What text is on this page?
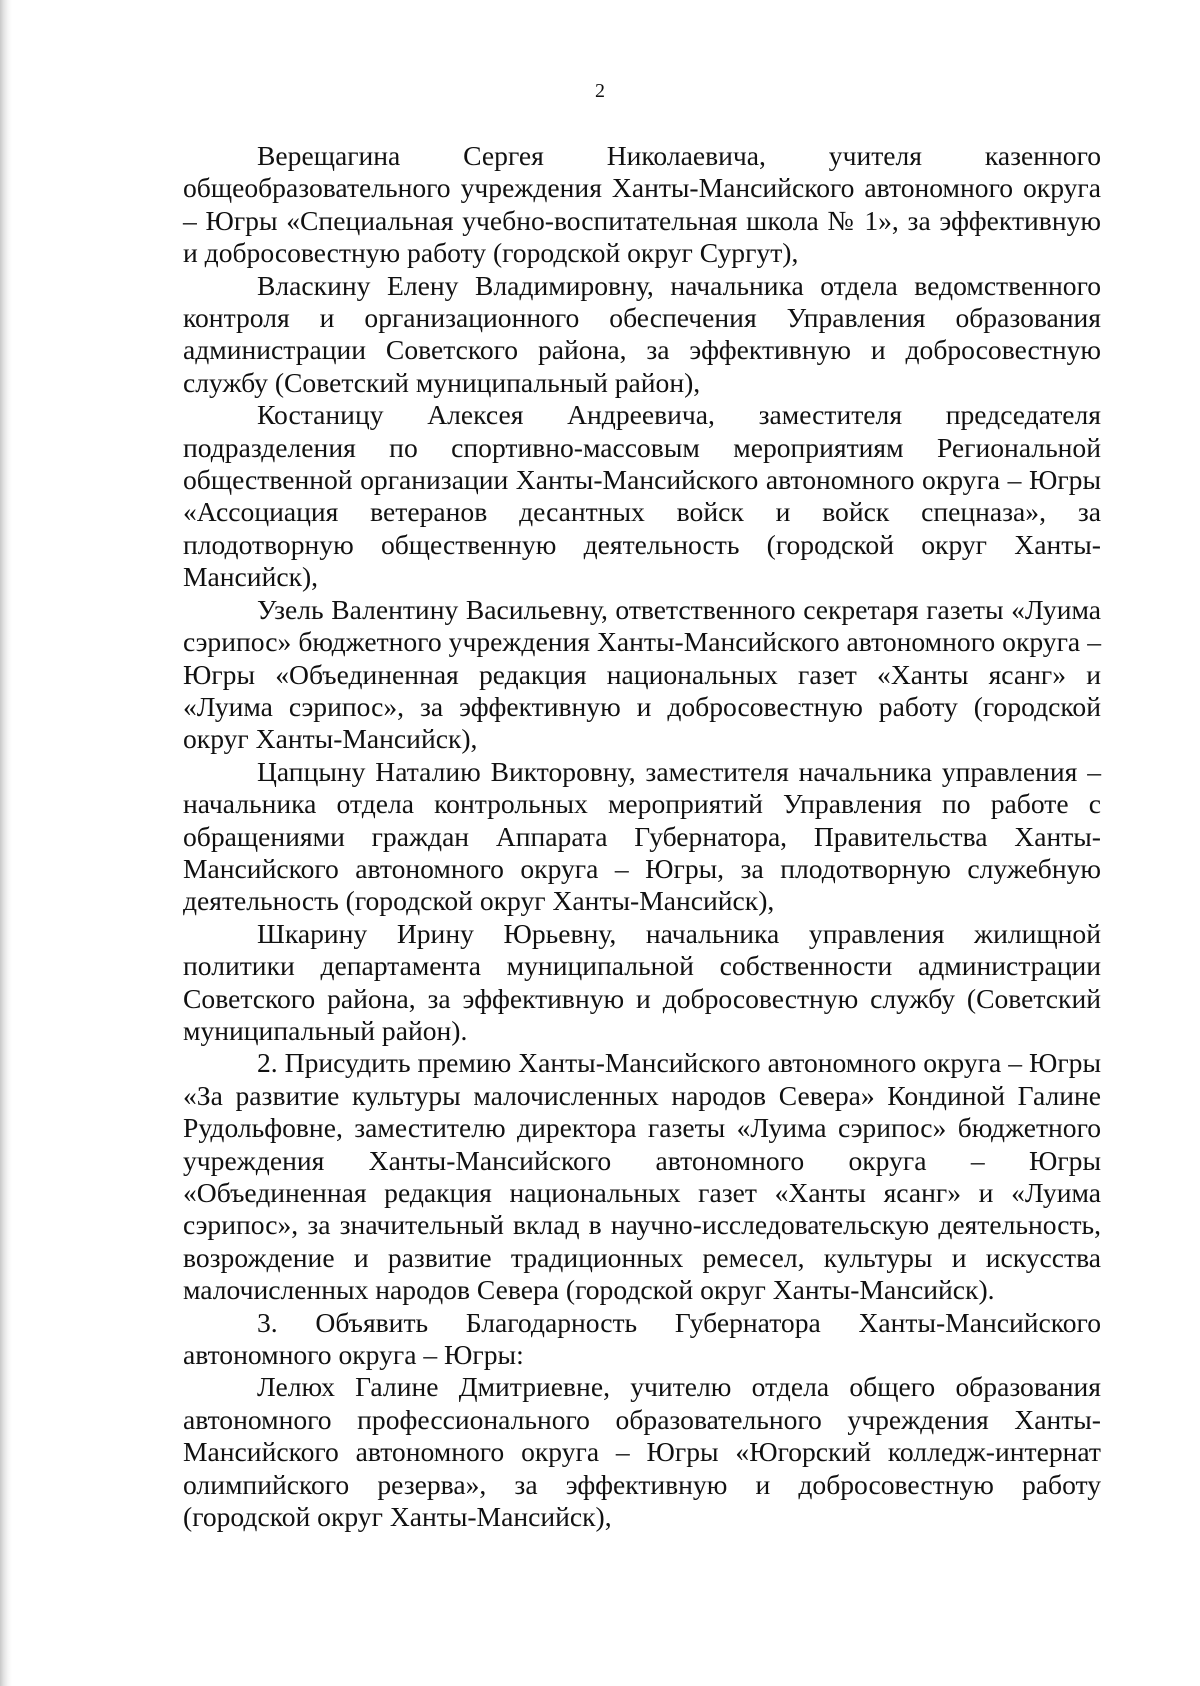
2

Верещагина Сергея Николаевича, учителя казенного общеобразовательного учреждения Ханты-Мансийского автономного округа – Югры «Специальная учебно-воспитательная школа № 1», за эффективную и добросовестную работу (городской округ Сургут),

Власкину Елену Владимировну, начальника отдела ведомственного контроля и организационного обеспечения Управления образования администрации Советского района, за эффективную и добросовестную службу (Советский муниципальный район),

Костаницу Алексея Андреевича, заместителя председателя подразделения по спортивно-массовым мероприятиям Региональной общественной организации Ханты-Мансийского автономного округа – Югры «Ассоциация ветеранов десантных войск и войск спецназа», за плодотворную общественную деятельность (городской округ Ханты-Мансийск),

Узель Валентину Васильевну, ответственного секретаря газеты «Луима сэрипос» бюджетного учреждения Ханты-Мансийского автономного округа – Югры «Объединенная редакция национальных газет «Ханты ясанг» и «Луима сэрипос», за эффективную и добросовестную работу (городской округ Ханты-Мансийск),

Цапцыну Наталию Викторовну, заместителя начальника управления – начальника отдела контрольных мероприятий Управления по работе с обращениями граждан Аппарата Губернатора, Правительства Ханты-Мансийского автономного округа – Югры, за плодотворную служебную деятельность (городской округ Ханты-Мансийск),

Шкарину Ирину Юрьевну, начальника управления жилищной политики департамента муниципальной собственности администрации Советского района, за эффективную и добросовестную службу (Советский муниципальный район).

2. Присудить премию Ханты-Мансийского автономного округа – Югры «За развитие культуры малочисленных народов Севера» Кондиной Галине Рудольфовне, заместителю директора газеты «Луима сэрипос» бюджетного учреждения Ханты-Мансийского автономного округа – Югры «Объединенная редакция национальных газет «Ханты ясанг» и «Луима сэрипос», за значительный вклад в научно-исследовательскую деятельность, возрождение и развитие традиционных ремесел, культуры и искусства малочисленных народов Севера (городской округ Ханты-Мансийск).

3. Объявить Благодарность Губернатора Ханты-Мансийского автономного округа – Югры:

Лелюх Галине Дмитриевне, учителю отдела общего образования автономного профессионального образовательного учреждения Ханты-Мансийского автономного округа – Югры «Югорский колледж-интернат олимпийского резерва», за эффективную и добросовестную работу (городской округ Ханты-Мансийск),
